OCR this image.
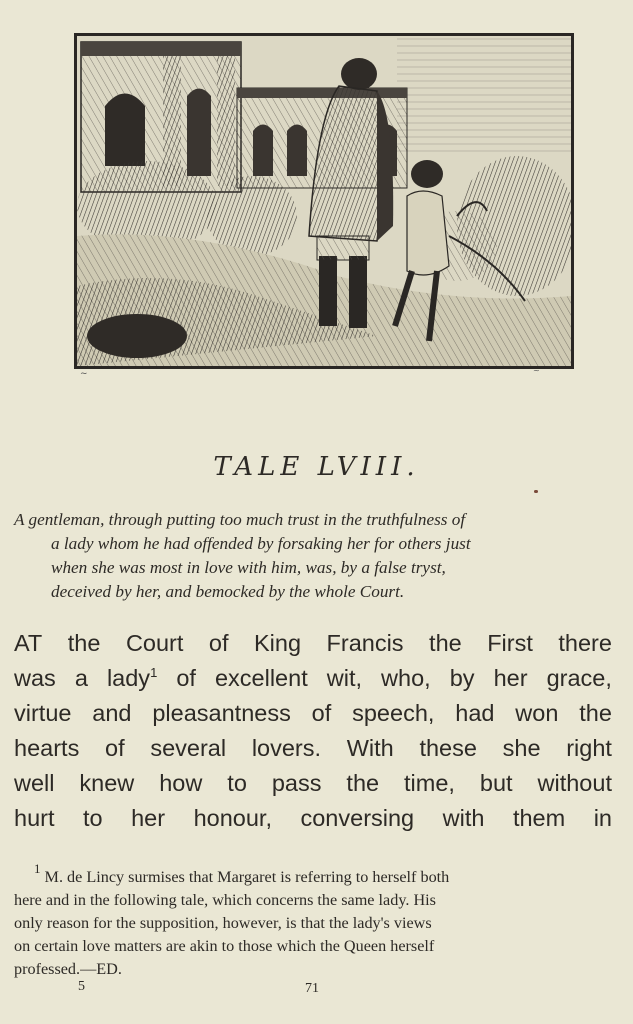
~	~
TALE LVIII.
A gentleman, through putting too much trust in the truthfulness of
a lady whom he had offended by forsaking her for others just
when she was most in love with him, was, by a false tryst,
deceived by her, and bemocked by the whole Court.
AT the Court of King Francis the First there
was a lady$^1$ of excellent wit, who, by her grace,
virtue and pleasantness of speech, had won the
hearts of several lovers. With these she right
well knew how to pass the time, but without
hurt to her honour, conversing with them in
$^1$ M. de Lincy surmises that Margaret is referring to herself both
here and in the following tale, which concerns the same lady. His
only reason for the supposition, however, is that the lady's views
on certain love matters are akin to those which the Queen herself
professed.—ED.
5	71
